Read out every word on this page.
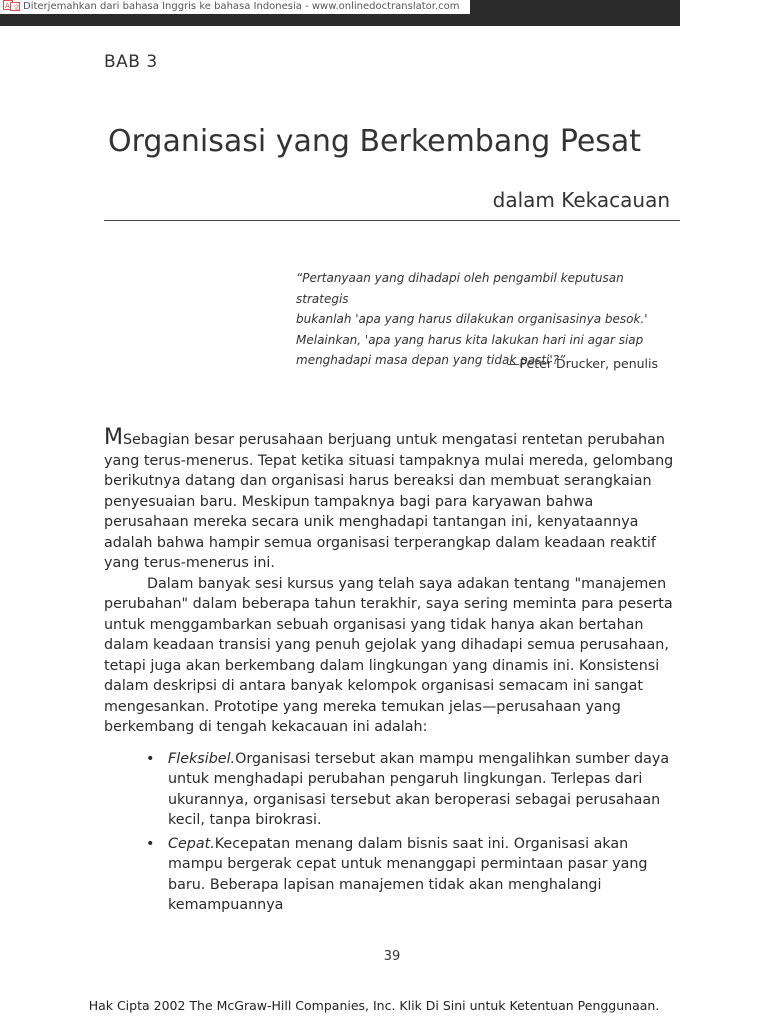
A 文 Diterjemahkan dari bahasa Inggris ke bahasa Indonesia - www.onlinedoctranslator.com
BAB 3
Organisasi yang Berkembang Pesat
dalam Kekacauan

“Pertanyaan yang dihadapi oleh pengambil keputusan strategis

bukanlah 'apa yang harus dilakukan organisasinya besok.'

Melainkan, 'apa yang harus kita lakukan hari ini agar siap

menghadapi masa depan yang tidak pasti'?”

—Peter Drucker, penulis

MSebagian besar perusahaan berjuang untuk mengatasi rentetan perubahan yang terus-menerus. Tepat ketika situasi tampaknya mulai mereda, gelombang berikutnya datang dan organisasi harus bereaksi dan membuat serangkaian penyesuaian baru. Meskipun tampaknya bagi para karyawan bahwa perusahaan mereka secara unik menghadapi tantangan ini, kenyataannya adalah bahwa hampir semua organisasi terperangkap dalam keadaan reaktif yang terus-menerus ini.

Dalam banyak sesi kursus yang telah saya adakan tentang "manajemen perubahan" dalam beberapa tahun terakhir, saya sering meminta para peserta untuk menggambarkan sebuah organisasi yang tidak hanya akan bertahan dalam keadaan transisi yang penuh gejolak yang dihadapi semua perusahaan, tetapi juga akan berkembang dalam lingkungan yang dinamis ini. Konsistensi dalam deskripsi di antara banyak kelompok organisasi semacam ini sangat mengesankan. Prototipe yang mereka temukan jelas—perusahaan yang berkembang di tengah kekacauan ini adalah:

• Fleksibel.Organisasi tersebut akan mampu mengalihkan sumber daya untuk menghadapi perubahan pengaruh lingkungan. Terlepas dari ukurannya, organisasi tersebut akan beroperasi sebagai perusahaan kecil, tanpa birokrasi.
• Cepat.Kecepatan menang dalam bisnis saat ini. Organisasi akan mampu bergerak cepat untuk menanggapi permintaan pasar yang baru. Beberapa lapisan manajemen tidak akan menghalangi kemampuannya
39
Hak Cipta 2002 The McGraw-Hill Companies, Inc. Klik Di Sini untuk Ketentuan Penggunaan.
